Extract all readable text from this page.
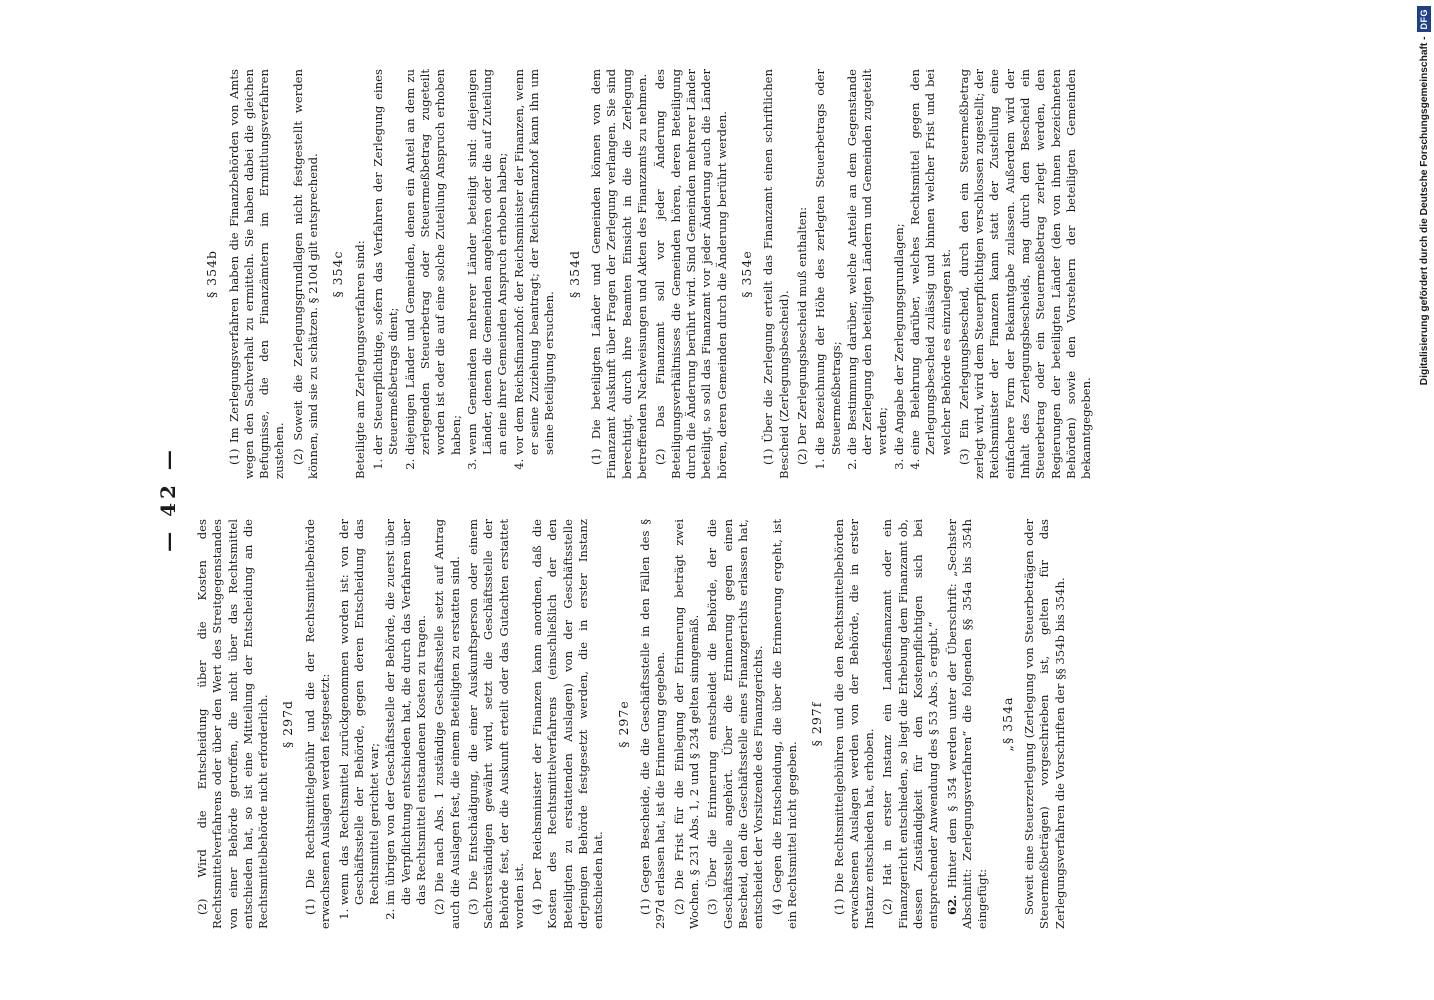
— 42 —

(2) Wird die Entscheidung über die Kosten des Rechtsmittelverfahrens oder über den Wert des Streitgegenstandes von einer Behörde getroffen, die nicht über das Rechtsmittel entschieden hat, so ist eine Mitteilung der Entscheidung an die Rechtsmittelbehörde nicht erforderlich. § 297d (1) Die Rechtsmittelgebühr und die der Rechtsmittelbehörde erwachsenen Auslagen werden festgesetzt: 1. wenn das Rechtsmittel zurückgenommen worden ist: von der Geschäftsstelle der Behörde, gegen deren Entscheidung das Rechtsmittel gerichtet war; 2. im übrigen von der Geschäftsstelle der Behörde, die zuerst über die Verpflichtung entschieden hat, die durch das Verfahren über das Rechtsmittel entstandenen Kosten zu tragen. (2) Die nach Abs. 1 zuständige Geschäftsstelle setzt auf Antrag auch die Auslagen fest, die einem Beteiligten zu erstatten sind. (3) Die Entschädigung, die einer Auskunftsperson oder einem Sachverständigen gewährt wird, setzt die Geschäftsstelle der Behörde fest, der die Auskunft erteilt oder das Gutachten erstattet worden ist. (4) Der Reichsminister der Finanzen kann anordnen, daß die Kosten des Rechtsmittelverfahrens (einschließlich der den Beteiligten zu erstattenden Auslagen) von der Geschäftsstelle derjenigen Behörde festgesetzt werden, die in erster Instanz entschieden hat.

§ 297e (1) Gegen Bescheide, die die Geschäftsstelle in den Fällen des § 297d erlassen hat, ist die Erinnerung gegeben. (2) Die Frist für die Einlegung der Erinnerung beträgt zwei Wochen. § 231 Abs. 1, 2 und § 234 gelten sinngemäß. (3) Über die Erinnerung entscheidet die Behörde, der die Geschäftsstelle angehört. Über die Erinnerung gegen einen Bescheid, den die Geschäftsstelle eines Finanzgerichts erlassen hat, entscheidet der Vorsitzende des Finanzgerichts. (4) Gegen die Entscheidung, die über die Erinnerung ergeht, ist ein Rechtsmittel nicht gegeben.

§ 297f (1) Die Rechtsmittelgebühren und die den Rechtsmittelbehörden erwachsenen Auslagen werden von der Behörde, die in erster Instanz entschieden hat, erhoben. (2) Hat in erster Instanz ein Landesfinanzamt oder ein Finanzgericht entschieden, so liegt die Erhebung dem Finanzamt ob, dessen Zuständigkeit für den Kostenpflichtigen sich bei entsprechender Anwendung des § 53 Abs. 5 ergibt.“ 62. Hinter dem § 354 werden unter der Überschrift: „Sechster Abschnitt: Zerlegungsverfahren“ die folgenden §§ 354a bis 354h eingefügt:

„§ 354a Soweit eine Steuerzerlegung (Zerlegung von Steuerbeträgen oder Steuermeßbeträgen) vorgeschrieben ist, gelten für das Zerlegungsverfahren die Vorschriften der §§ 354b bis 354h.

§ 354b (1) Im Zerlegungsverfahren haben die Finanzbehörden von Amts wegen den Sachverhalt zu ermitteln. Sie haben dabei die gleichen Befugnisse, die den Finanzämtern im Ermittlungsverfahren zustehen. (2) Soweit die Zerlegungsgrundlagen nicht festgestellt werden können, sind sie zu schätzen. § 210d gilt entsprechend. § 354c Beteiligte am Zerlegungsverfahren sind: 1. der Steuerpflichtige, sofern das Verfahren der Zerlegung eines Steuermeßbetrags dient; 2. diejenigen Länder und Gemeinden, denen ein Anteil an dem zu zerlegenden Steuerbetrag oder Steuermeßbetrag zugeteilt worden ist oder die auf eine solche Zuteilung Anspruch erhoben haben; 3. wenn Gemeinden mehrerer Länder beteiligt sind: diejenigen Länder, denen die Gemeinden angehören oder die auf Zuteilung an eine ihrer Gemeinden Anspruch erhoben haben; 4. vor dem Reichsfinanzhof: der Reichsminister der Finanzen, wenn er seine Zuziehung beantragt; der Reichsfinanzhof kann ihn um seine Beteiligung ersuchen.
§ 354d (1) Die beteiligten Länder und Gemeinden können von dem Finanzamt Auskunft über Fragen der Zerlegung verlangen. Sie sind berechtigt, durch ihre Beamten Einsicht in die die Zerlegung betreffenden Nachweisungen und Akten des Finanzamts zu nehmen. (2) Das Finanzamt soll vor jeder Änderung des Beteiligungsverhältnisses die Gemeinden hören, deren Beteiligung durch die Änderung berührt wird. Sind Gemeinden mehrerer Länder beteiligt, so soll das Finanzamt vor jeder Änderung auch die Länder hören, deren Gemeinden durch die Änderung berührt werden. § 354e (1) Über die Zerlegung erteilt das Finanzamt einen schriftlichen Bescheid (Zerlegungsbescheid). (2) Der Zerlegungsbescheid muß enthalten: 1. die Bezeichnung der Höhe des zerlegten Steuerbetrags oder Steuermeßbetrags; 2. die Bestimmung darüber, welche Anteile an dem Gegenstande der Zerlegung den beteiligten Ländern und Gemeinden zugeteilt werden; 3. die Angabe der Zerlegungsgrundlagen; 4. eine Belehrung darüber, welches Rechtsmittel gegen den Zerlegungsbescheid zulässig und binnen welcher Frist und bei welcher Behörde es einzulegen ist. (3) Ein Zerlegungsbescheid, durch den ein Steuermeßbetrag zerlegt wird, wird dem Steuerpflichtigen verschlossen zugestellt; der Reichsminister der Finanzen kann statt der Zustellung eine einfachere Form der Bekanntgabe zulassen. Außerdem wird der Inhalt des Zerlegungsbescheids, mag durch den Bescheid ein Steuerbetrag oder ein Steuermeßbetrag zerlegt werden, den Regierungen der beteiligten Länder (den von ihnen bezeichneten Behörden) sowie den Vorstehern der beteiligten Gemeinden bekanntgegeben.

Digitalisierung gefördert durch die Deutsche Forschungsgemeinschaft -
DFG
